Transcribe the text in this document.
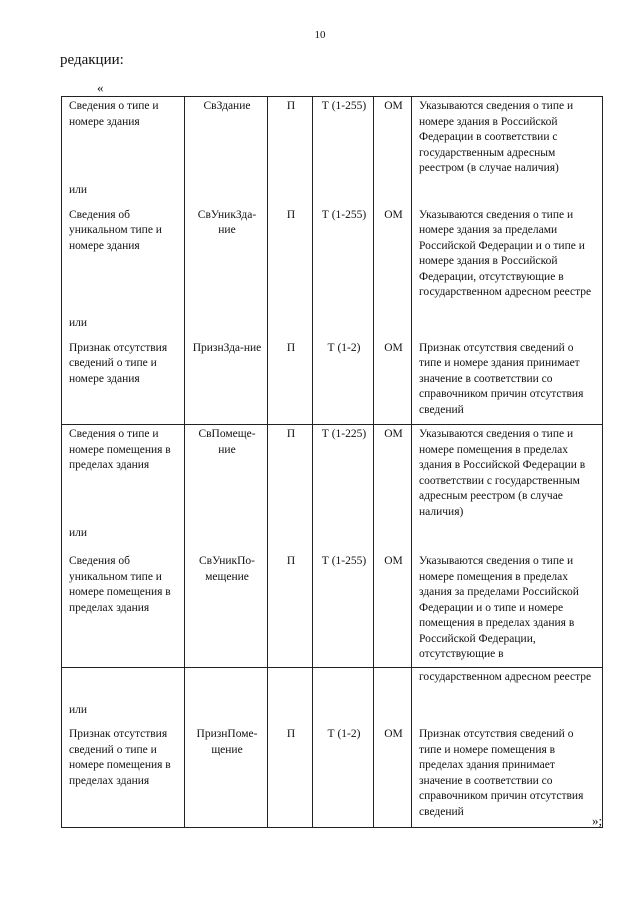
10
редакции:
«
Сведения о типе и номере здания	СвЗдание	П	Т (1-255)	ОМ	Указываются сведения о типе и номере здания в Российской Федерации в соответствии с государственным адресным реестром (в случае наличия)
или					
Сведения об уникальном типе и номере здания	СвУникЗда-ние	П	Т (1-255)	ОМ	Указываются сведения о типе и номере здания за пределами Российской Федерации и о типе и номере здания в Российской Федерации, отсутствующие в государственном адресном реестре
или					
Признак отсутствия сведений о типе и номере здания	ПризнЗда-ние	П	Т (1-2)	ОМ	Признак отсутствия сведений о типе и номере здания принимает значение в соответствии со справочником причин отсутствия сведений
Сведения о типе и номере помещения в пределах здания	СвПомеще-ние	П	Т (1-225)	ОМ	Указываются сведения о типе и номере помещения в пределах здания в Российской Федерации в соответствии с государственным адресным реестром (в случае наличия)
или					
Сведения об уникальном типе и номере помещения в пределах здания	СвУникПо-мещение	П	Т (1-255)	ОМ	Указываются сведения о типе и номере помещения в пределах здания за пределами Российской Федерации и о типе и номере помещения в пределах здания в Российской Федерации, отсутствующие в
					государственном адресном реестре
или					
Признак отсутствия сведений о типе и номере помещения в пределах здания	ПризнПоме-щение	П	Т (1-2)	ОМ	Признак отсутствия сведений о типе и номере помещения в пределах здания принимает значение в соответствии со справочником причин отсутствия сведений
»;
